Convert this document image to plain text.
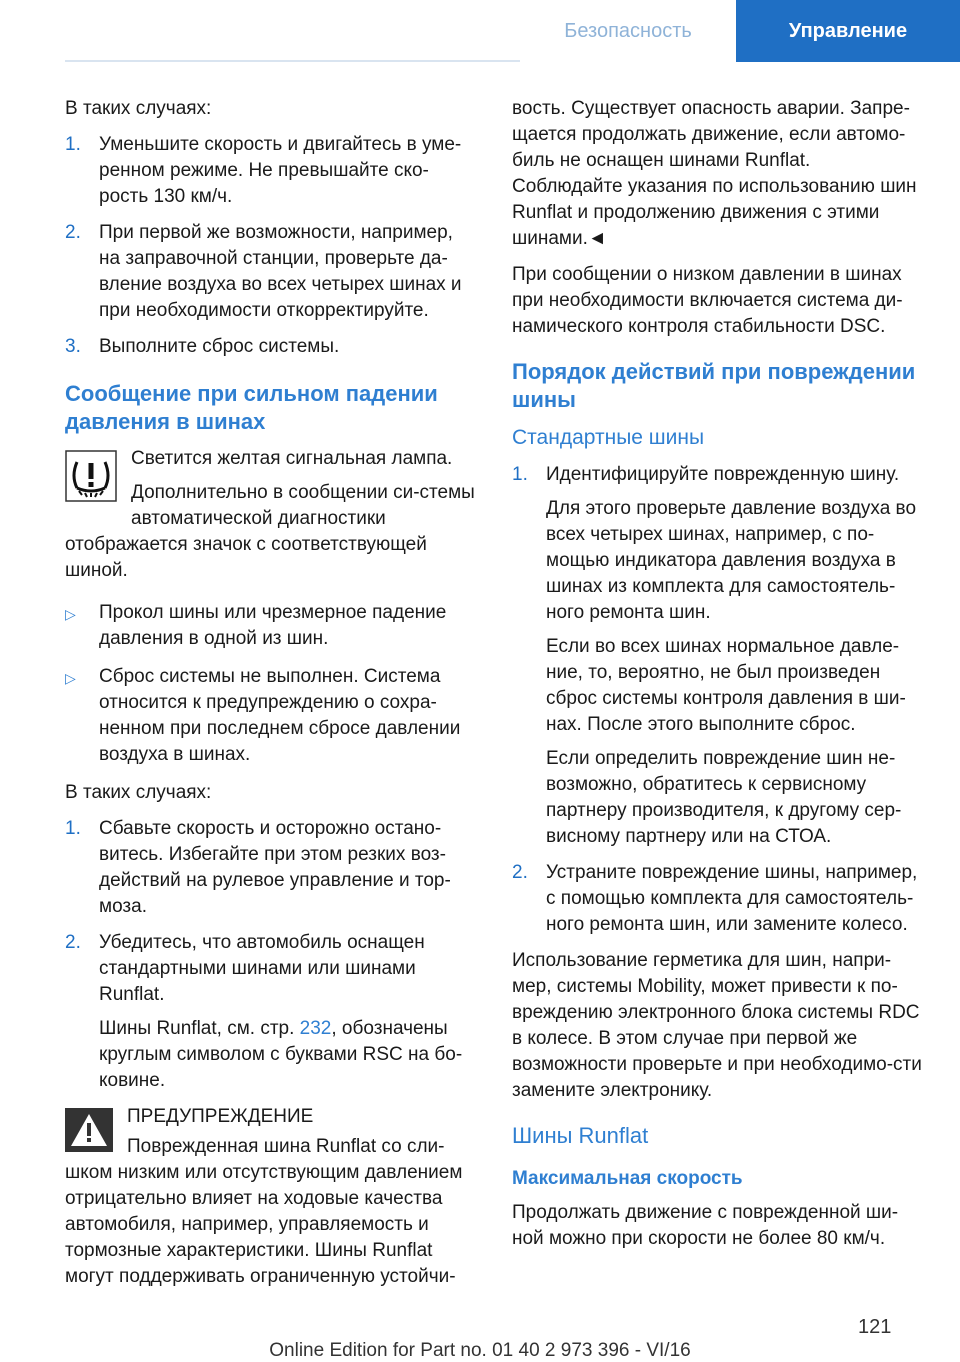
Безопасность	Управление

В таких случаях:

1. Уменьшите скорость и двигайтесь в уме-ренном режиме. Не превышайте ско-рость 130 км/ч.
2. При первой же возможности, например, на заправочной станции, проверьте да-вление воздуха во всех четырех шинах и при необходимости откорректируйте.
3. Выполните сброс системы.
Сообщение при сильном падении давления в шинах

Светится желтая сигнальная лампа.

Дополнительно в сообщении си-стемы автоматической диагностики отображается значок с соответствующей шиной.

▷	Прокол шины или чрезмерное падение давления в одной из шин.
▷	Сброс системы не выполнен. Система относится к предупреждению о сохра-ненном при последнем сбросе давлении воздуха в шинах.

В таких случаях:

1. Сбавьте скорость и осторожно остано-витесь. Избегайте при этом резких воз-действий на рулевое управление и тор-моза.
2. Убедитесь, что автомобиль оснащен стандартными шинами или шинами Runflat.

Шины Runflat, см. стр. 232, обозначены круглым символом с буквами RSC на бо-ковине.

ПРЕДУПРЕЖДЕНИЕ

Поврежденная шина Runflat со сли-шком низким или отсутствующим давлением отрицательно влияет на ходовые качества автомобиля, например, управляемость и тормозные характеристики. Шины Runflat могут поддерживать ограниченную устойчи-

вость. Существует опасность аварии. Запре-щается продолжать движение, если автомо-биль не оснащен шинами Runflat.

Соблюдайте указания по использованию шин Runflat и продолжению движения с этими шинами.◄

При сообщении о низком давлении в шинах при необходимости включается система ди-намического контроля стабильности DSC.

Порядок действий при повреждении шины
Стандартные шины
1. Идентифицируйте поврежденную шину.

Для этого проверьте давление воздуха во всех четырех шинах, например, с по-мощью индикатора давления воздуха в шинах из комплекта для самостоятель-ного ремонта шин.

Если во всех шинах нормальное давле-ние, то, вероятно, не был произведен сброс системы контроля давления в ши-нах. После этого выполните сброс.

Если определить повреждение шин не-возможно, обратитесь к сервисному партнеру производителя, к другому сер-висному партнеру или на СТОА.

2. Устраните повреждение шины, например, с помощью комплекта для самостоятель-ного ремонта шин, или замените колесо.

Использование герметика для шин, напри-мер, системы Mobility, может привести к по-вреждению электронного блока системы RDC в колесе. В этом случае при первой же возможности проверьте и при необходимо-сти замените электронику.

Шины Runflat
Максимальная скорость

Продолжать движение с поврежденной ши-ной можно при скорости не более 80 км/ч.

121
Online Edition for Part no. 01 40 2 973 396 - VI/16
